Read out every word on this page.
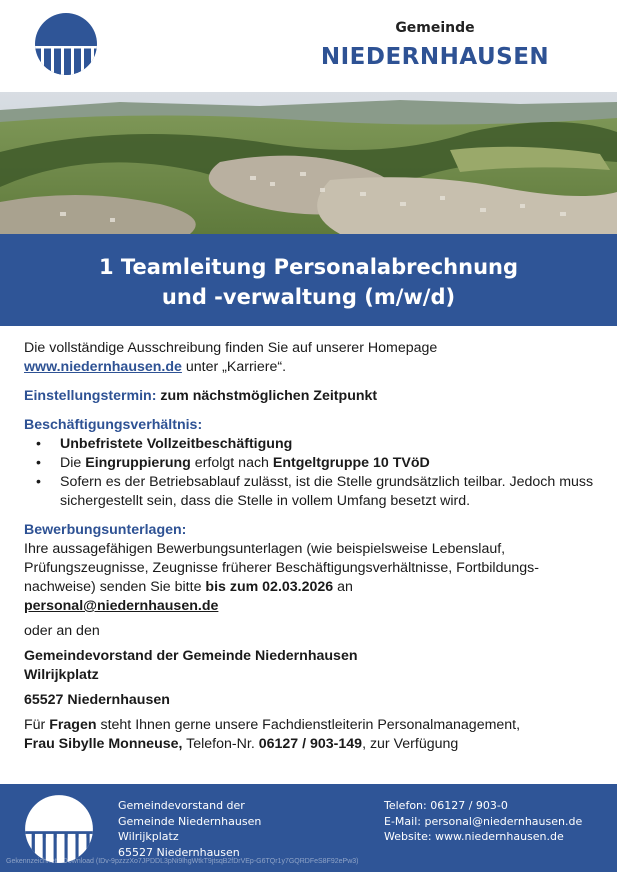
Gemeinde
NIEDERNHAUSEN
1 Teamleitung Personalabrechnung
und -verwaltung (m/w/d)

Die vollständige Ausschreibung finden Sie auf unserer Homepage
www.niedernhausen.de unter „Karriere“.

Einstellungstermin: zum nächstmöglichen Zeitpunkt

Beschäftigungsverhältnis:

• Unbefristete Vollzeitbeschäftigung
• Die Eingruppierung erfolgt nach Entgeltgruppe 10 TVöD
• Sofern es der Betriebsablauf zulässt, ist die Stelle grundsätzlich teilbar. Jedoch muss sichergestellt sein, dass die Stelle in vollem Umfang besetzt wird.

Bewerbungsunterlagen:

Ihre aussagefähigen Bewerbungsunterlagen (wie beispielsweise Lebenslauf, Prüfungszeugnisse, Zeugnisse früherer Beschäftigungsverhältnisse, Fortbildungs-nachweise) senden Sie bitte bis zum 02.03.2026 an
personal@niedernhausen.de

oder an den

Gemeindevorstand der Gemeinde Niedernhausen
Wilrijkplatz

65527 Niedernhausen

Für Fragen steht Ihnen gerne unsere Fachdienstleiterin Personalmanagement,
Frau Sibylle Monneuse, Telefon-Nr. 06127 / 903-149, zur Verfügung

Gemeindevorstand der
Gemeinde Niedernhausen
Wilrijkplatz
65527 Niedernhausen
Telefon: 06127 / 903-0
E-Mail: personal@niedernhausen.de
Website: www.niedernhausen.de
Gekennzeichnet - Download (IDv-9pzzzXo7JPDDL3pNi9lhgWtkT9jtsqB2fDrVEp-G6TQr1y7GQRDFeS8F92ePw3)
